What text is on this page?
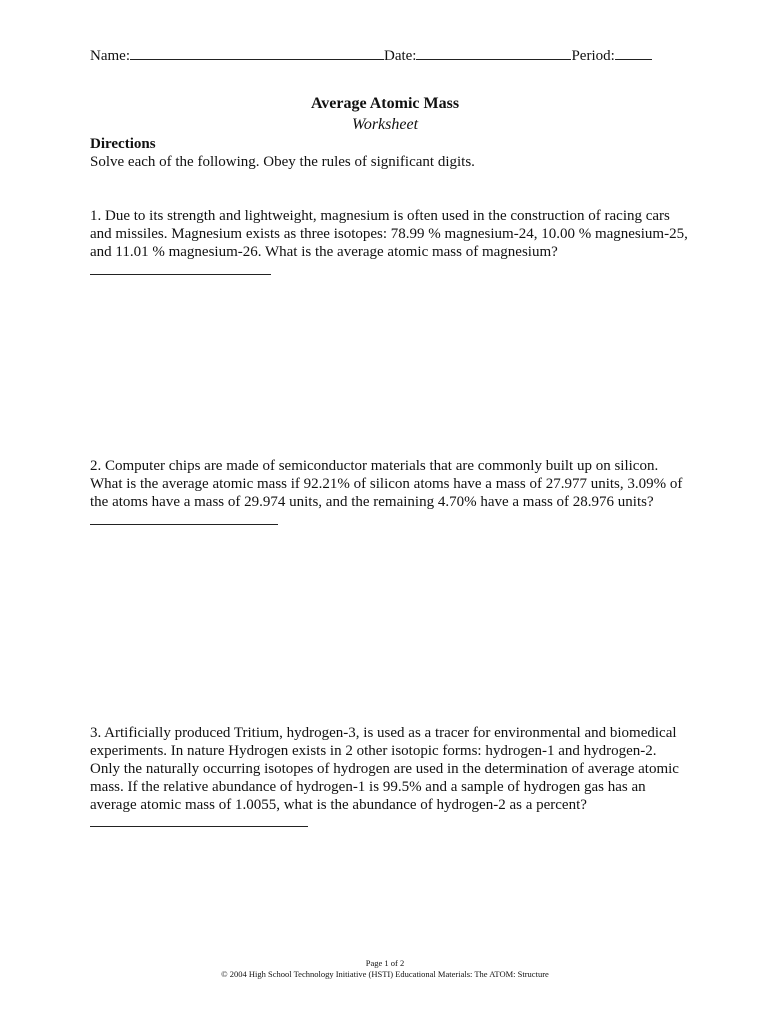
Name:	Date:	Period:
Average Atomic Mass
Worksheet
Directions
Solve each of the following. Obey the rules of significant digits.

1. Due to its strength and lightweight, magnesium is often used in the construction of racing cars and missiles. Magnesium exists as three isotopes: 78.99 % magnesium-24, 10.00 % magnesium-25, and 11.01 % magnesium-26. What is the average atomic mass of magnesium?

2. Computer chips are made of semiconductor materials that are commonly built up on silicon. What is the average atomic mass if 92.21% of silicon atoms have a mass of 27.977 units, 3.09% of the atoms have a mass of 29.974 units, and the remaining 4.70% have a mass of 28.976 units?

3. Artificially produced Tritium, hydrogen-3, is used as a tracer for environmental and biomedical experiments. In nature Hydrogen exists in 2 other isotopic forms: hydrogen-1 and hydrogen-2. Only the naturally occurring isotopes of hydrogen are used in the determination of average atomic mass. If the relative abundance of hydrogen-1 is 99.5% and a sample of hydrogen gas has an average atomic mass of 1.0055, what is the abundance of hydrogen-2 as a percent?

Page 1 of 2
© 2004 High School Technology Initiative (HSTI) Educational Materials: The ATOM: Structure
